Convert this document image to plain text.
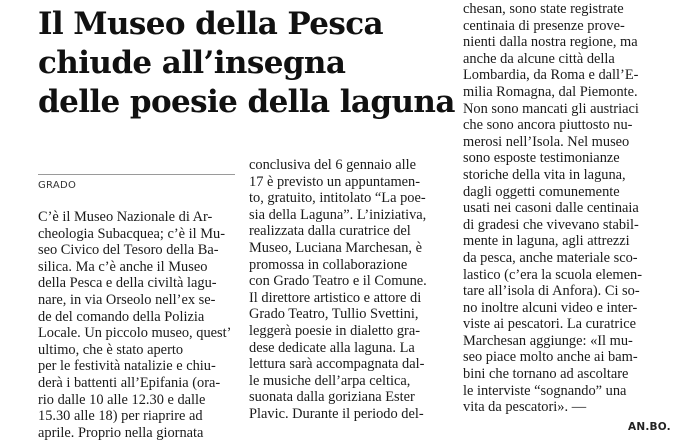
Il Museo della Pesca
chiude all’insegna
delle poesie della laguna
GRADO
C’è il Museo Nazionale di Ar-
cheologia Subacquea; c’è il Mu-
seo Civico del Tesoro della Ba-
silica. Ma c’è anche il Museo
della Pesca e della civiltà lagu-
nare, in via Orseolo nell’ex se-
de del comando della Polizia
Locale. Un piccolo museo, quest’
ultimo, che è stato aperto
per le festività natalizie e chiu-
derà i battenti all’Epifania (ora-
rio dalle 10 alle 12.30 e dalle
15.30 alle 18) per riaprire ad
aprile. Proprio nella giornata
conclusiva del 6 gennaio alle
17 è previsto un appuntamen-
to, gratuito, intitolato “La poe-
sia della Laguna”. L’iniziativa,
realizzata dalla curatrice del
Museo, Luciana Marchesan, è
promossa in collaborazione
con Grado Teatro e il Comune.
Il direttore artistico e attore di
Grado Teatro, Tullio Svettini,
leggerà poesie in dialetto gra-
dese dedicate alla laguna. La
lettura sarà accompagnata dal-
le musiche dell’arpa celtica,
suonata dalla goriziana Ester
Plavic. Durante il periodo del-
chesan, sono state registrate
centinaia di presenze prove-
nienti dalla nostra regione, ma
anche da alcune città della
Lombardia, da Roma e dall’E-
milia Romagna, dal Piemonte.
Non sono mancati gli austriaci
che sono ancora piuttosto nu-
merosi nell’Isola. Nel museo
sono esposte testimonianze
storiche della vita in laguna,
dagli oggetti comunemente
usati nei casoni dalle centinaia
di gradesi che vivevano stabil-
mente in laguna, agli attrezzi
da pesca, anche materiale sco-
lastico (c’era la scuola elemen-
tare all’isola di Anfora). Ci so-
no inoltre alcuni video e inter-
viste ai pescatori. La curatrice
Marchesan aggiunge: «Il mu-
seo piace molto anche ai bam-
bini che tornano ad ascoltare
le interviste “sognando” una
vita da pescatori». —
AN.BO.
